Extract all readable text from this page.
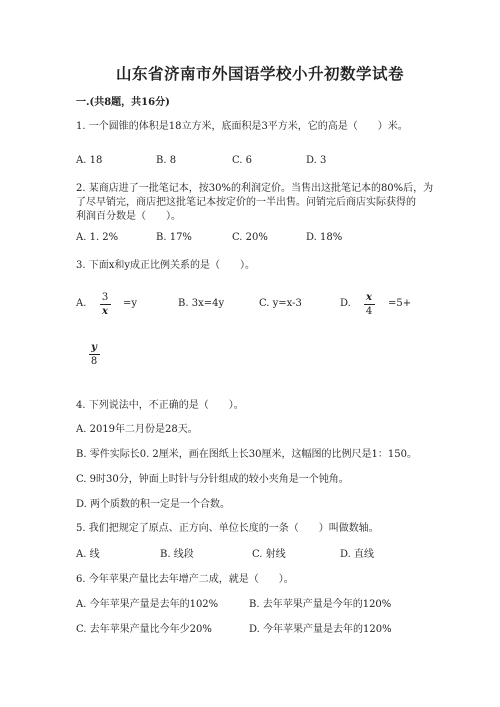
山东省济南市外国语学校小升初数学试卷
一.(共8题，共16分)
1. 一个圆锥的体积是18立方米，底面积是3平方米，它的高是（　　）米。
A. 18	B. 8	C. 6	D. 3
2. 某商店进了一批笔记本，按30%的利润定价。当售出这批笔记本的80%后，为
了尽早销完，商店把这批笔记本按定价的一半出售。问销完后商店实际获得的
利润百分数是（　　）。
A. 1. 2%	B. 17%	C. 20%	D. 18%
3. 下面x和y成正比例关系的是（　　）。
A.
3
x
=y	B. 3x=4y	C. y=x-3	D.
x
4
=5+
y
8
4. 下列说法中，不正确的是（　　）。
A. 2019年二月份是28天。
B. 零件实际长0. 2厘米，画在图纸上长30厘米，这幅图的比例尺是1：150。
C. 9时30分，钟面上时针与分针组成的较小夹角是一个钝角。
D. 两个质数的积一定是一个合数。
5. 我们把规定了原点、正方向、单位长度的一条（　　）叫做数轴。
A. 线	B. 线段	C. 射线	D. 直线
6. 今年苹果产量比去年增产二成，就是（　　）。
A. 今年苹果产量是去年的102%	B. 去年苹果产量是今年的120%
C. 去年苹果产量比今年少20%	D. 今年苹果产量是去年的120%
